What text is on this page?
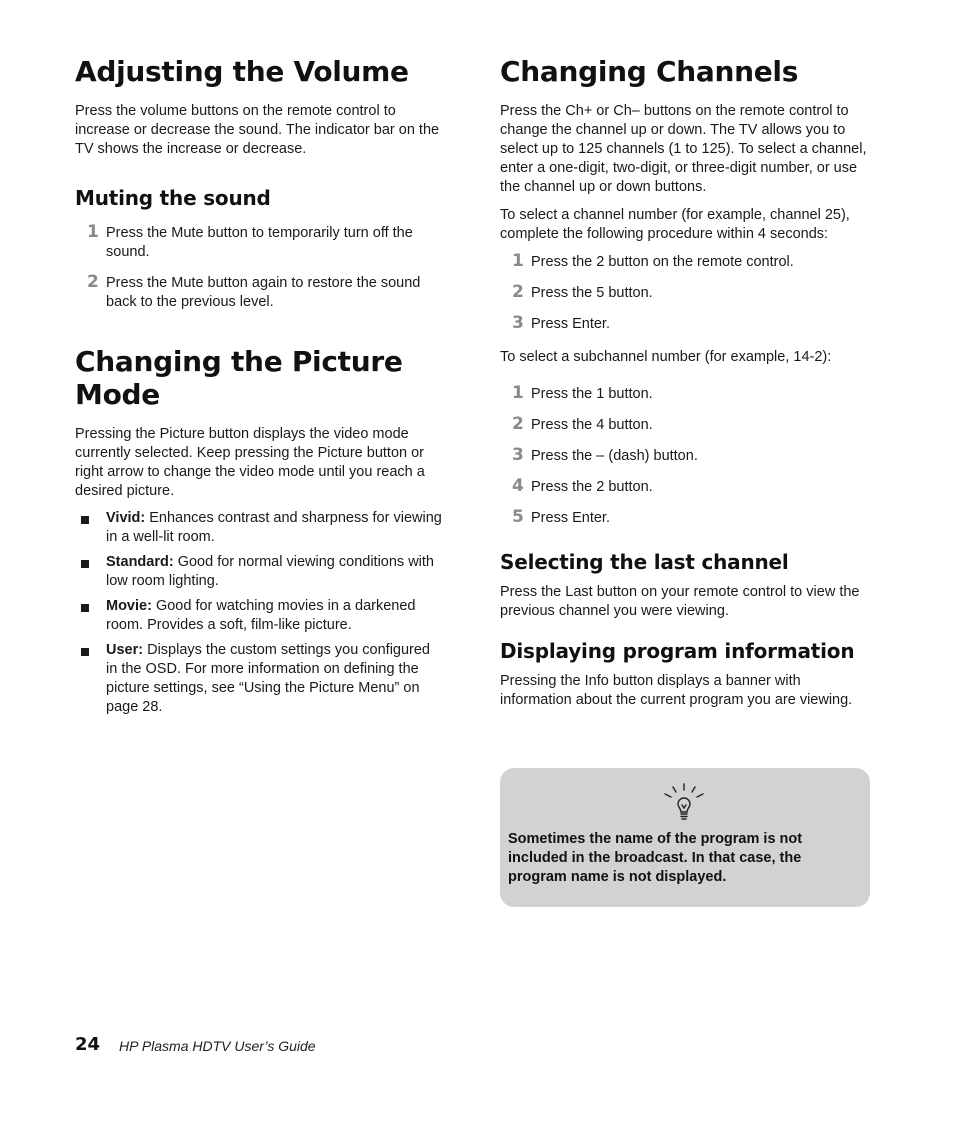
Adjusting the Volume

Press the volume buttons on the remote control to increase or decrease the sound. The indicator bar on the TV shows the increase or decrease.

Muting the sound
1 Press the Mute button to temporarily turn off the sound.
2 Press the Mute button again to restore the sound back to the previous level.
Changing the Picture Mode

Pressing the Picture button displays the video mode currently selected. Keep pressing the Picture button or right arrow to change the video mode until you reach a desired picture.

Vivid: Enhances contrast and sharpness for viewing in a well-lit room.
Standard: Good for normal viewing conditions with low room lighting.
Movie: Good for watching movies in a darkened room. Provides a soft, film-like picture.
User: Displays the custom settings you configured in the OSD. For more information on defining the picture settings, see “Using the Picture Menu” on page 28.
Changing Channels

Press the Ch+ or Ch– buttons on the remote control to change the channel up or down. The TV allows you to select up to 125 channels (1 to 125). To select a channel, enter a one-digit, two-digit, or three-digit number, or use the channel up or down buttons.

To select a channel number (for example, channel 25), complete the following procedure within 4 seconds:

1 Press the 2 button on the remote control.
2 Press the 5 button.
3 Press Enter.

To select a subchannel number (for example, 14-2):

1 Press the 1 button.
2 Press the 4 button.
3 Press the – (dash) button.
4 Press the 2 button.
5 Press Enter.
Selecting the last channel

Press the Last button on your remote control to view the previous channel you were viewing.

Displaying program information

Pressing the Info button displays a banner with information about the current program you are viewing.

Sometimes the name of the program is not included in the broadcast. In that case, the program name is not displayed.
24 HP Plasma HDTV User’s Guide
